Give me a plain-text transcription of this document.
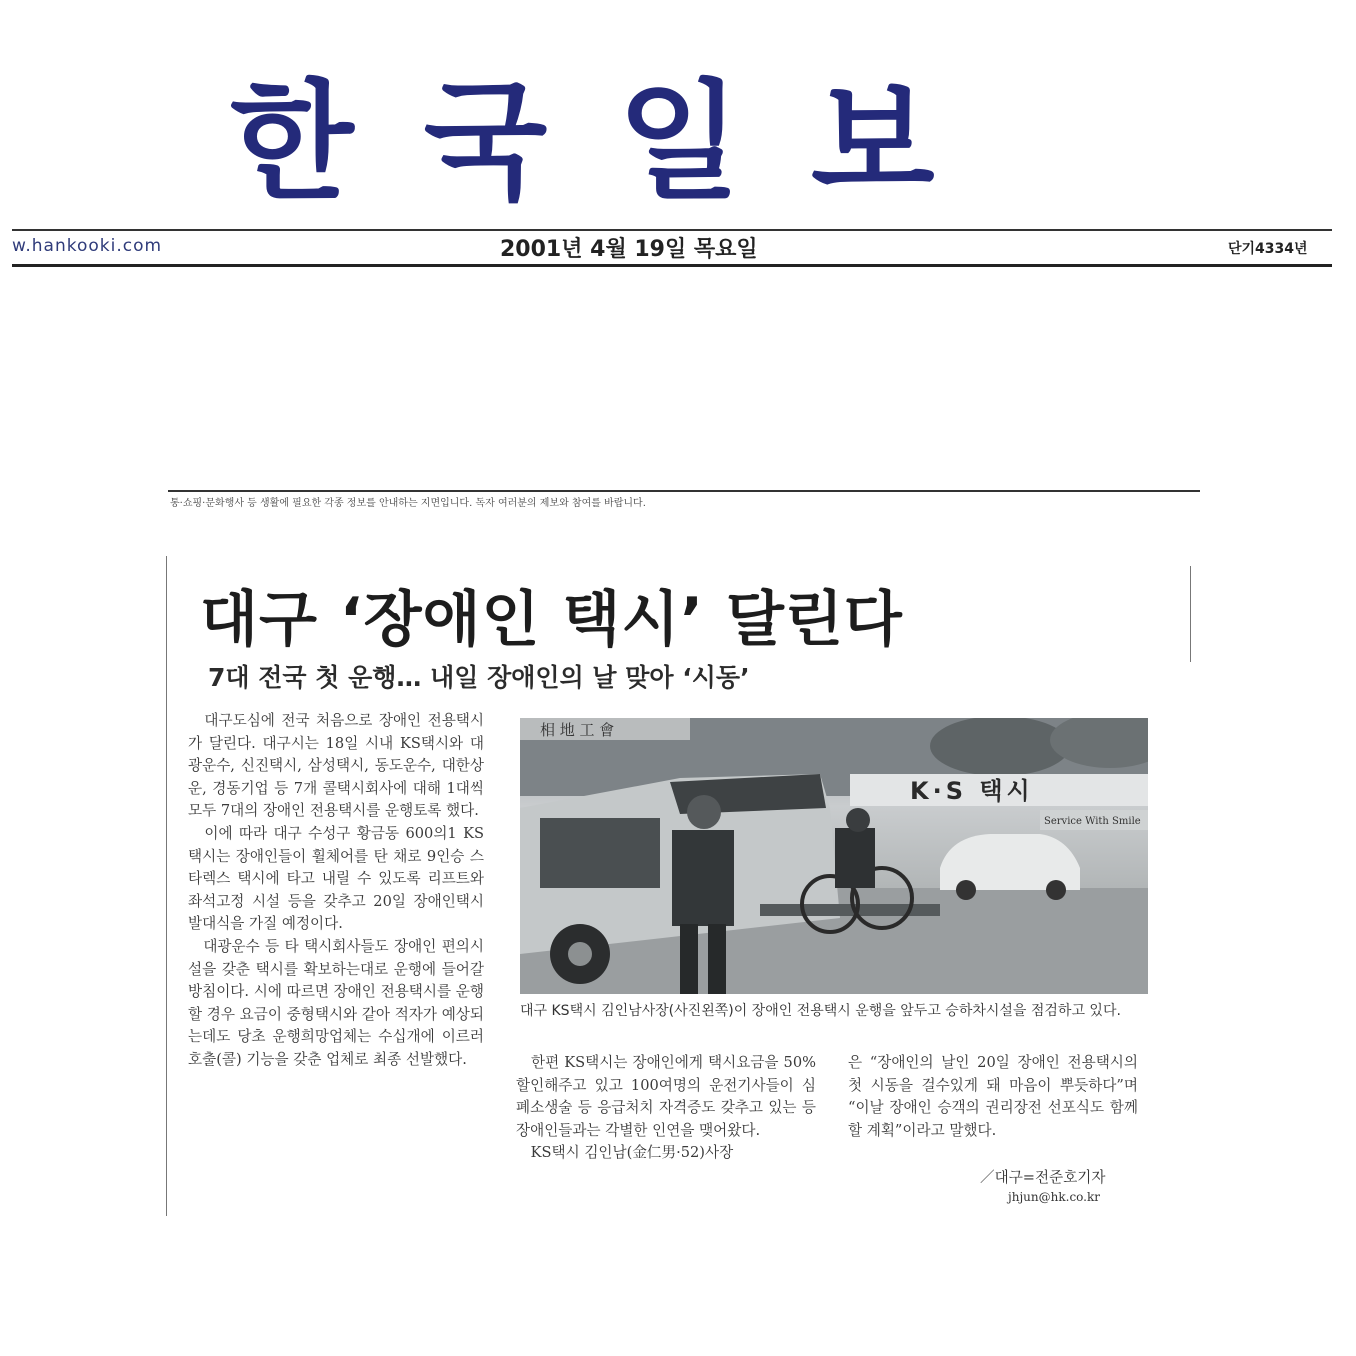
한국일보
w.hankooki.com	2001년 4월 19일 목요일	단기4334년
통·쇼핑·문화행사 등 생활에 필요한 각종 정보를 안내하는 지면입니다. 독자 여러분의 제보와 참여를 바랍니다.
대구 ‘장애인 택시’ 달린다
7대 전국 첫 운행… 내일 장애인의 날 맞아 ‘시동’
　대구도심에 전국 처음으로 장애인 전용택시가 달린다. 대구시는 18일 시내 KS택시와 대광운수, 신진택시, 삼성택시, 동도운수, 대한상운, 경동기업 등 7개 콜택시회사에 대해 1대씩 모두 7대의 장애인 전용택시를 운행토록 했다.
　이에 따라 대구 수성구 황금동 600의1 KS택시는 장애인들이 휠체어를 탄 채로 9인승 스타렉스 택시에 타고 내릴 수 있도록 리프트와 좌석고정 시설 등을 갖추고 20일 장애인택시 발대식을 가질 예정이다.
　대광운수 등 타 택시회사들도 장애인 편의시설을 갖춘 택시를 확보하는대로 운행에 들어갈 방침이다. 시에 따르면 장애인 전용택시를 운행할 경우 요금이 중형택시와 같아 적자가 예상되는데도 당초 운행희망업체는 수십개에 이르러 호출(콜) 기능을 갖춘 업체로 최종 선발했다.
相 地 工 會
K·S 택시
Service With Smile
대구 KS택시 김인남사장(사진왼쪽)이 장애인 전용택시 운행을 앞두고 승하차시설을 점검하고 있다.
　한편 KS택시는 장애인에게 택시요금을 50% 할인해주고 있고 100여명의 운전기사들이 심폐소생술 등 응급처치 자격증도 갖추고 있는 등 장애인들과는 각별한 인연을 맺어왔다.
　KS택시 김인남(金仁男·52)사장
은 “장애인의 날인 20일 장애인 전용택시의 첫 시동을 걸수있게 돼 마음이 뿌듯하다”며 “이날 장애인 승객의 권리장전 선포식도 함께 할 계획”이라고 말했다.
／대구=전준호기자
jhjun@hk.co.kr
